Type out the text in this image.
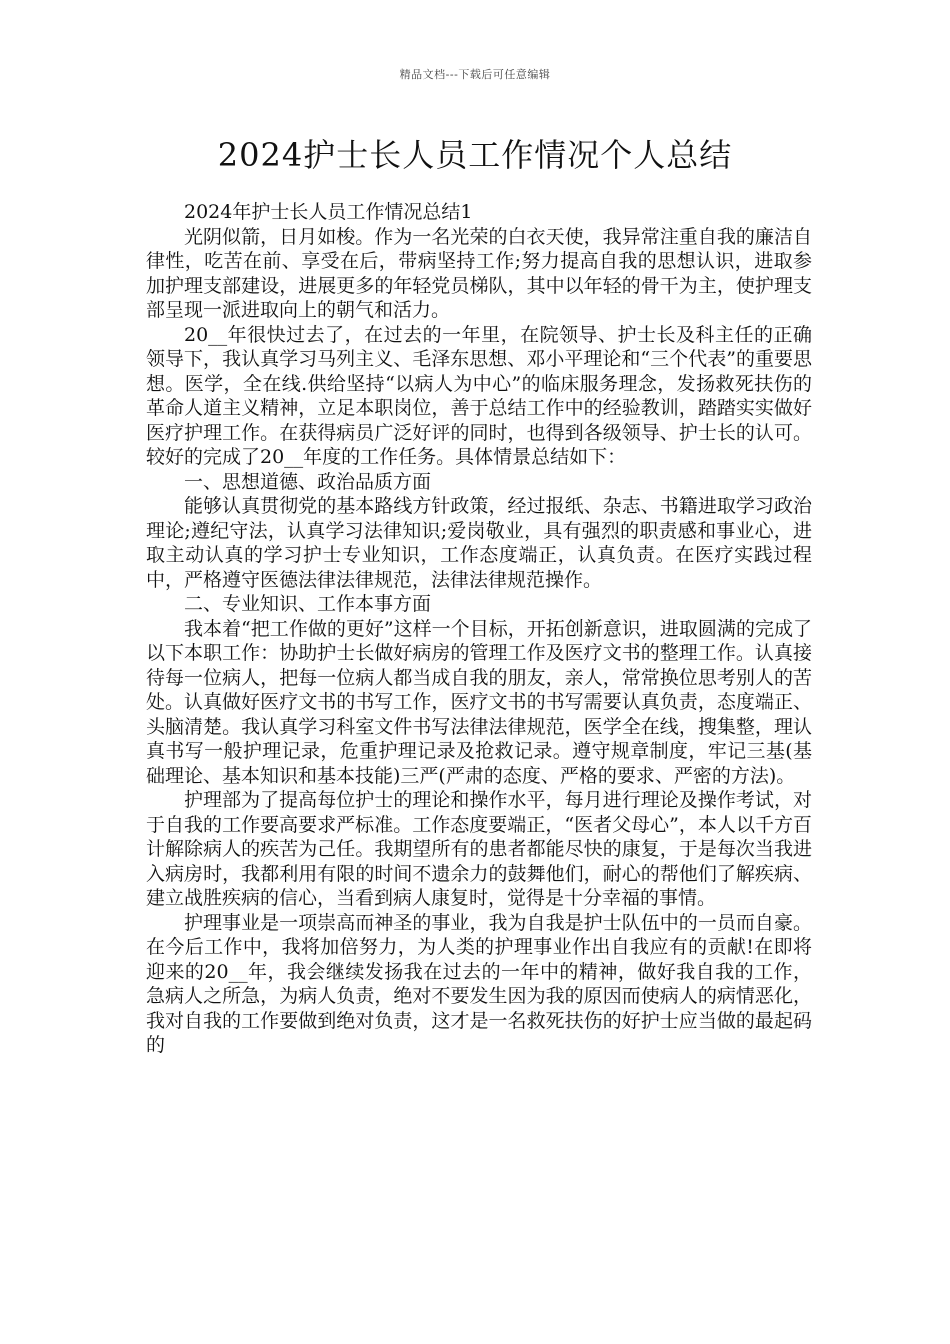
精品文档---下载后可任意编辑
2024护士长人员工作情况个人总结

2024年护士长人员工作情况总结1

光阴似箭，日月如梭。作为一名光荣的白衣天使，我异常注重自我的廉洁自律性，吃苦在前、享受在后，带病坚持工作;努力提高自我的思想认识，进取参加护理支部建设，进展更多的年轻党员梯队，其中以年轻的骨干为主，使护理支部呈现一派进取向上的朝气和活力。

20__年很快过去了，在过去的一年里，在院领导、护士长及科主任的正确领导下，我认真学习马列主义、毛泽东思想、邓小平理论和“三个代表”的重要思想。医学，全在线.供给坚持“以病人为中心”的临床服务理念，发扬救死扶伤的革命人道主义精神，立足本职岗位，善于总结工作中的经验教训，踏踏实实做好医疗护理工作。在获得病员广泛好评的同时，也得到各级领导、护士长的认可。较好的完成了20__年度的工作任务。具体情景总结如下：

一、思想道德、政治品质方面

能够认真贯彻党的基本路线方针政策，经过报纸、杂志、书籍进取学习政治理论;遵纪守法，认真学习法律知识;爱岗敬业，具有强烈的职责感和事业心，进取主动认真的学习护士专业知识，工作态度端正，认真负责。在医疗实践过程中，严格遵守医德法律法律规范，法律法律规范操作。

二、专业知识、工作本事方面

我本着“把工作做的更好”这样一个目标，开拓创新意识，进取圆满的完成了以下本职工作：协助护士长做好病房的管理工作及医疗文书的整理工作。认真接待每一位病人，把每一位病人都当成自我的朋友，亲人，常常换位思考别人的苦处。认真做好医疗文书的书写工作，医疗文书的书写需要认真负责，态度端正、头脑清楚。我认真学习科室文件书写法律法律规范，医学全在线，搜集整，理认真书写一般护理记录，危重护理记录及抢救记录。遵守规章制度，牢记三基(基础理论、基本知识和基本技能)三严(严肃的态度、严格的要求、严密的方法)。

护理部为了提高每位护士的理论和操作水平，每月进行理论及操作考试，对于自我的工作要高要求严标准。工作态度要端正，“医者父母心”，本人以千方百计解除病人的疾苦为己任。我期望所有的患者都能尽快的康复，于是每次当我进入病房时，我都利用有限的时间不遗余力的鼓舞他们，耐心的帮他们了解疾病、建立战胜疾病的信心，当看到病人康复时，觉得是十分幸福的事情。

护理事业是一项崇高而神圣的事业，我为自我是护士队伍中的一员而自豪。在今后工作中，我将加倍努力，为人类的护理事业作出自我应有的贡献!在即将迎来的20__年，我会继续发扬我在过去的一年中的精神，做好我自我的工作，急病人之所急，为病人负责，绝对不要发生因为我的原因而使病人的病情恶化，我对自我的工作要做到绝对负责，这才是一名救死扶伤的好护士应当做的最起码的
